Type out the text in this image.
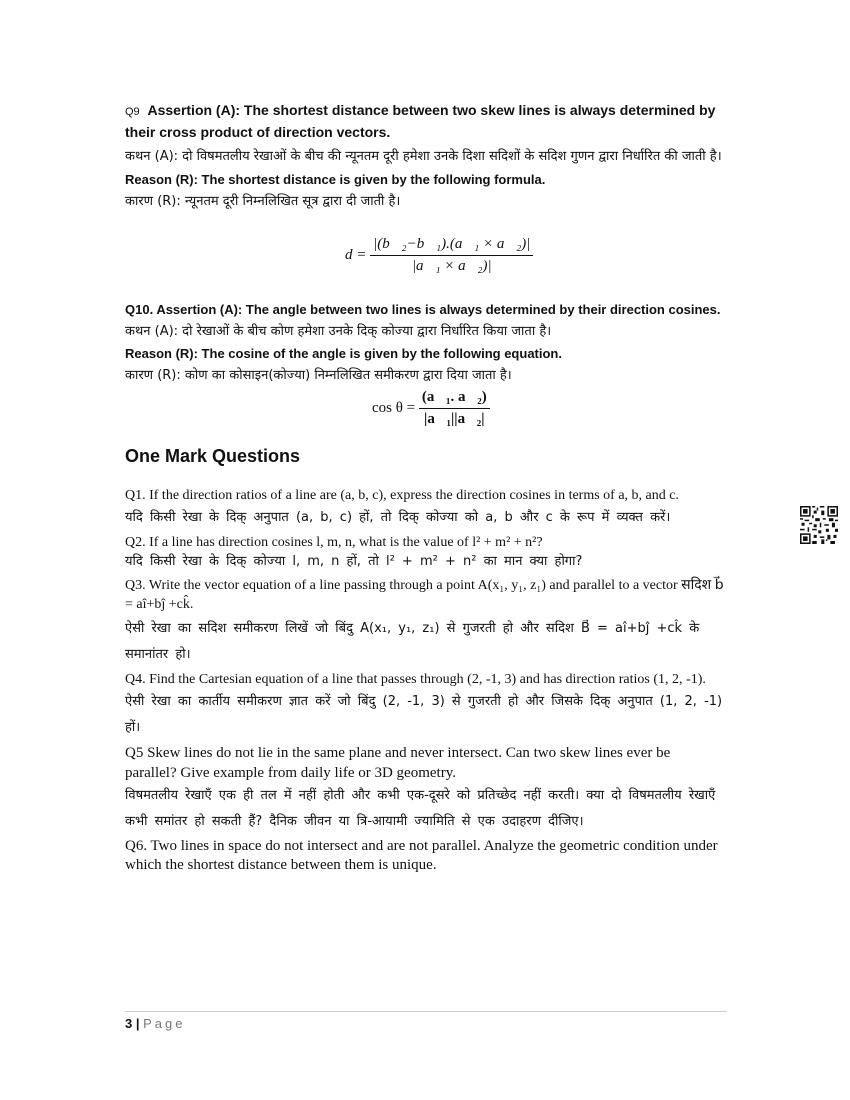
Q9 Assertion (A): The shortest distance between two skew lines is always determined by their cross product of direction vectors.
कथन (A): दो विषमतलीय रेखाओं के बीच की न्यूनतम दूरी हमेशा उनके दिशा सदिशों के सदिश गुणन द्वारा निर्धारित की जाती है।
Reason (R): The shortest distance is given by the following formula.
कारण (R): न्यूनतम दूरी निम्नलिखित सूत्र द्वारा दी जाती है।
$d = \frac{\text{|(b⃗₂−b⃗₁).(a⃗₁ × a⃗₂)|}}{\text{|a⃗₁ × a⃗₂)|}}$
Q10. Assertion (A): The angle between two lines is always determined by their direction cosines.
कथन (A): दो रेखाओं के बीच कोण हमेशा उनके दिक् कोज्या द्वारा निर्धारित किया जाता है।
Reason (R): The cosine of the angle is given by the following equation.
कारण (R): कोण का कोसाइन(कोज्या) निम्नलिखित समीकरण द्वारा दिया जाता है।
$\cos \theta = \frac{\text{(a⃗₁. a⃗₂)}}{\text{|a⃗₁||a⃗₂|}}$
One Mark Questions
Q1. If the direction ratios of a line are (a, b, c), express the direction cosines in terms of a, b, and c.
यदि किसी रेखा के दिक् अनुपात (a, b, c) हों, तो दिक् कोज्या को a, b और c के रूप में व्यक्त करें।
Q2. If a line has direction cosines l, m, n, what is the value of l² + m² + n²?
यदि किसी रेखा के दिक् कोज्या l, m, n हों, तो l² + m² + n² का मान क्या होगा?
Q3. Write the vector equation of a line passing through a point A(x₁, y₁, z₁) and parallel to a vector सदिश b⃗ = aî+bĵ +ck̂.
ऐसी रेखा का सदिश समीकरण लिखें जो बिंदु A(x₁, y₁, z₁) से गुजरती हो और सदिश B⃗ = aî+bĵ +ck̂ के समानांतर हो।
Q4. Find the Cartesian equation of a line that passes through (2, -1, 3) and has direction ratios (1, 2, -1).
ऐसी रेखा का कार्तीय समीकरण ज्ञात करें जो बिंदु (2, -1, 3) से गुजरती हो और जिसके दिक् अनुपात (1, 2, -1) हों।
Q5 Skew lines do not lie in the same plane and never intersect. Can two skew lines ever be parallel? Give example from daily life or 3D geometry.
विषमतलीय रेखाएँ एक ही तल में नहीं होती और कभी एक-दूसरे को प्रतिच्छेद नहीं करती। क्या दो विषमतलीय रेखाएँ कभी समांतर हो सकती हैं? दैनिक जीवन या त्रि-आयामी ज्यामिति से एक उदाहरण दीजिए।
Q6. Two lines in space do not intersect and are not parallel. Analyze the geometric condition under which the shortest distance between them is unique.
3 | Page
